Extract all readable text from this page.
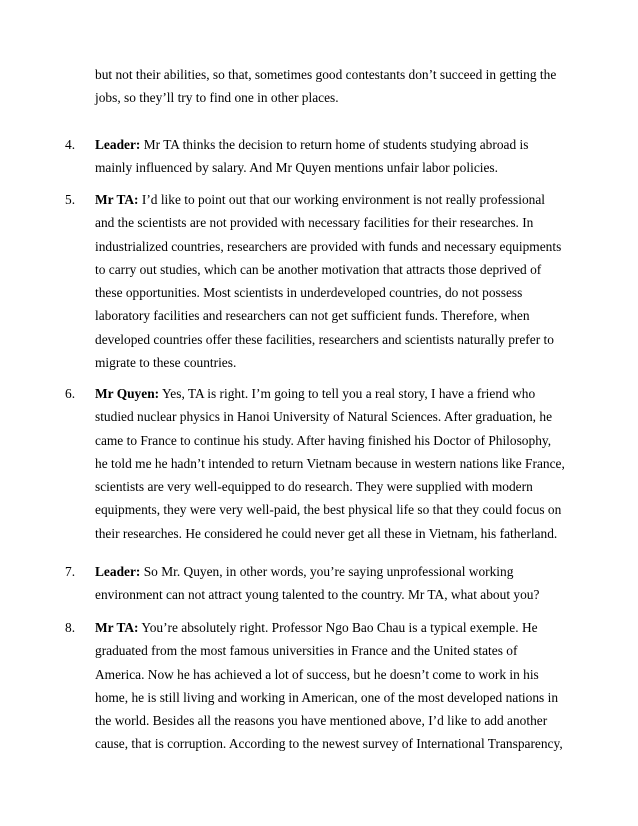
but not their abilities, so that, sometimes good contestants don’t succeed in getting the
jobs, so they’ll try to find one in other places.
4.	Leader: Mr TA thinks the decision to return home of students studying abroad is
mainly influenced by salary. And Mr Quyen mentions unfair labor policies.
5.	Mr TA: I’d like to point out that our working environment is not really professional
and the scientists are not provided with necessary facilities for their researches. In
industrialized countries, researchers are provided with funds and necessary equipments
to carry out studies, which can be another motivation that attracts those deprived of
these opportunities. Most scientists in underdeveloped countries, do not possess
laboratory facilities and researchers can not get sufficient funds. Therefore, when
developed countries offer these facilities, researchers and scientists naturally prefer to
migrate to these countries.
6.	Mr Quyen: Yes, TA is right. I’m going to tell you a real story, I have a friend who
studied nuclear physics in Hanoi University of Natural Sciences. After graduation, he
came to France to continue his study. After having finished his Doctor of Philosophy,
he told me he hadn’t intended to return Vietnam because in western nations like France,
scientists are very well-equipped to do research. They were supplied with modern
equipments, they were very well-paid, the best physical life so that they could focus on
their researches. He considered he could never get all these in Vietnam, his fatherland.
7.	Leader: So Mr. Quyen, in other words, you’re saying unprofessional working
environment can not attract young talented to the country. Mr TA, what about you?
8.	Mr TA: You’re absolutely right. Professor Ngo Bao Chau is a typical exemple. He
graduated from the most famous universities in France and the United states of
America. Now he has achieved a lot of success, but he doesn’t come to work in his
home, he is still living and working in American, one of the most developed nations in
the world. Besides all the reasons you have mentioned above, I’d like to add another
cause, that is corruption. According to the newest survey of International Transparency,
